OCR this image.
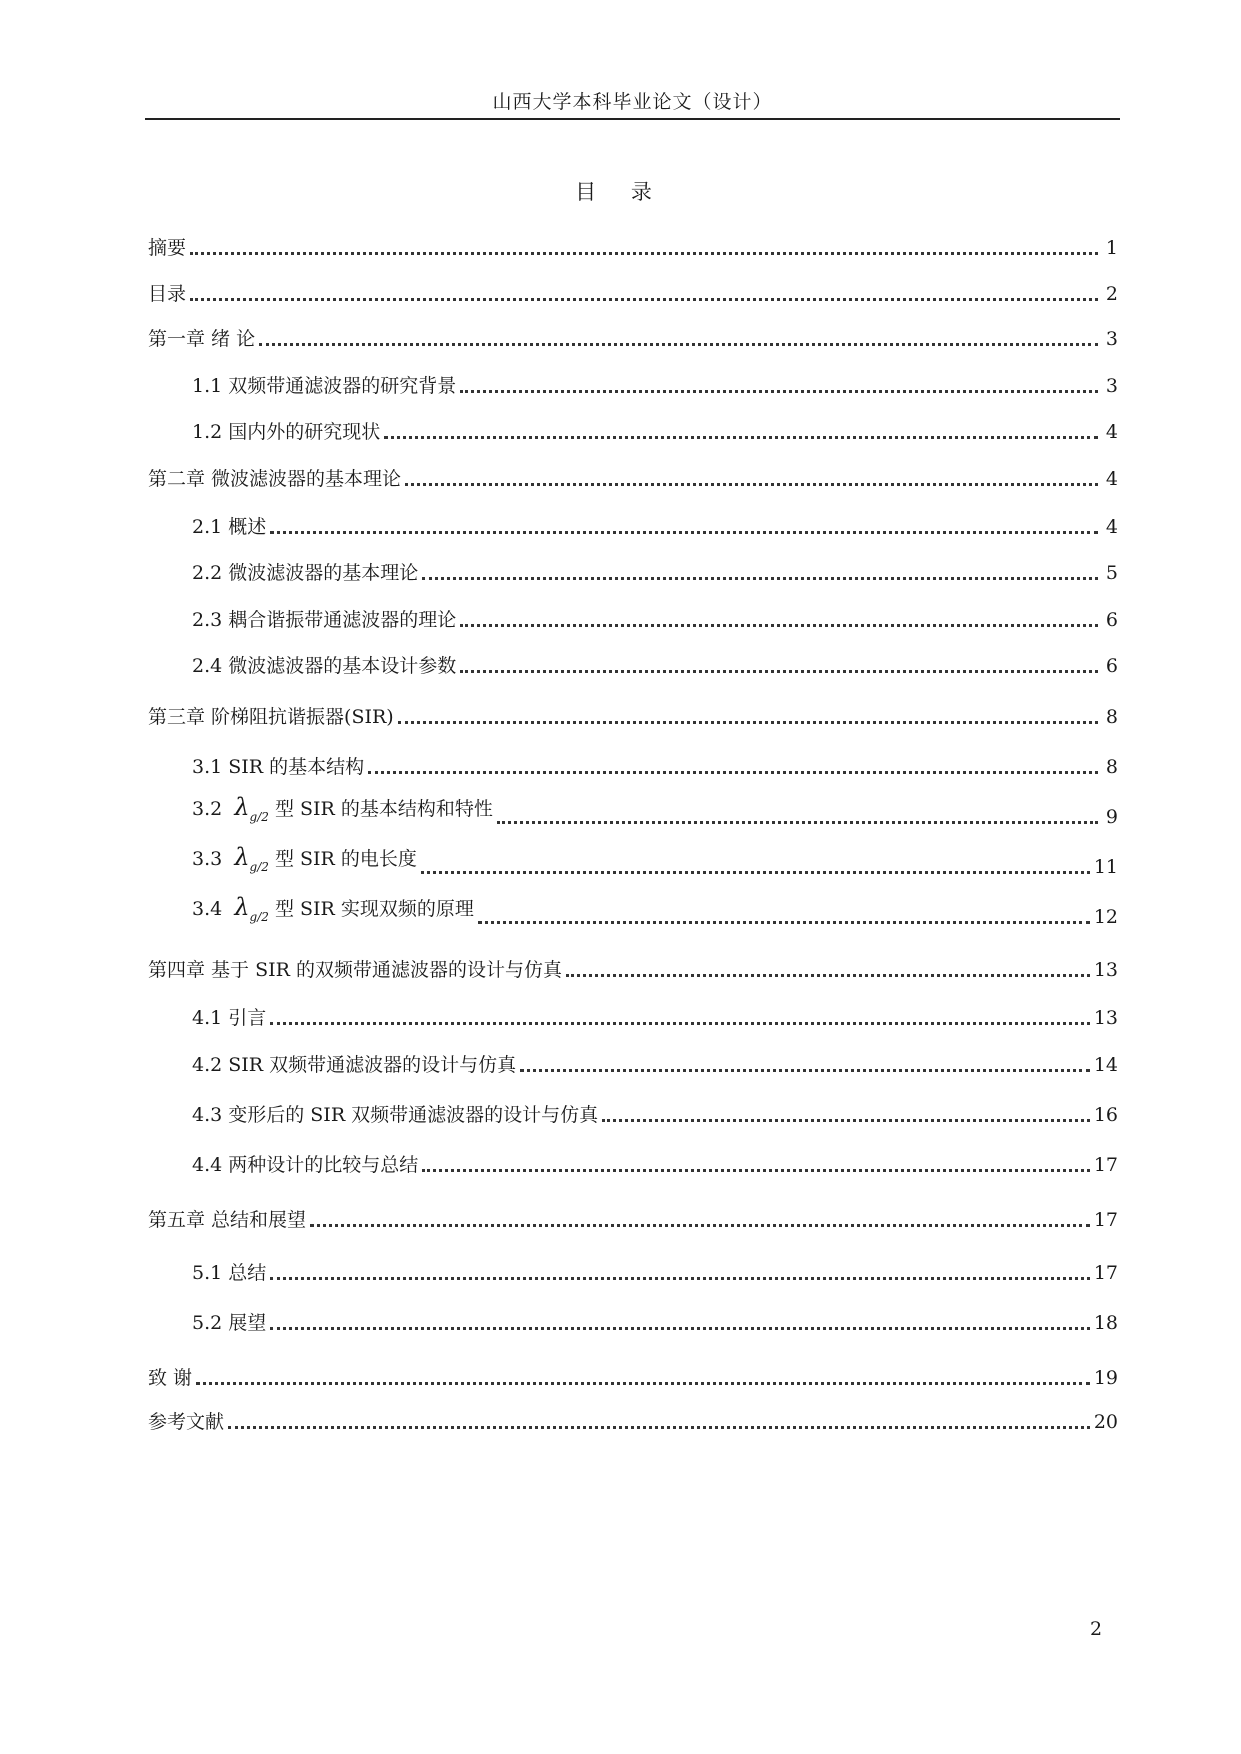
山西大学本科毕业论文（设计）
目 录
摘要	1
目录	2
第一章 绪 论	3
1.1 双频带通滤波器的研究背景	3
1.2 国内外的研究现状	4
第二章 微波滤波器的基本理论	4
2.1 概述	4
2.2 微波滤波器的基本理论	5
2.3 耦合谐振带通滤波器的理论	6
2.4 微波滤波器的基本设计参数	6
第三章 阶梯阻抗谐振器(SIR)	8
3.1 SIR 的基本结构	8
3.2 $\lambda_{g/2}$ 型 SIR 的基本结构和特性	9
3.3 $\lambda_{g/2}$ 型 SIR 的电长度	11
3.4 $\lambda_{g/2}$ 型 SIR 实现双频的原理	12
第四章 基于 SIR 的双频带通滤波器的设计与仿真	13
4.1 引言	13
4.2 SIR 双频带通滤波器的设计与仿真	14
4.3 变形后的 SIR 双频带通滤波器的设计与仿真	16
4.4 两种设计的比较与总结	17
第五章 总结和展望	17
5.1 总结	17
5.2 展望	18
致 谢	19
参考文献	20
2
